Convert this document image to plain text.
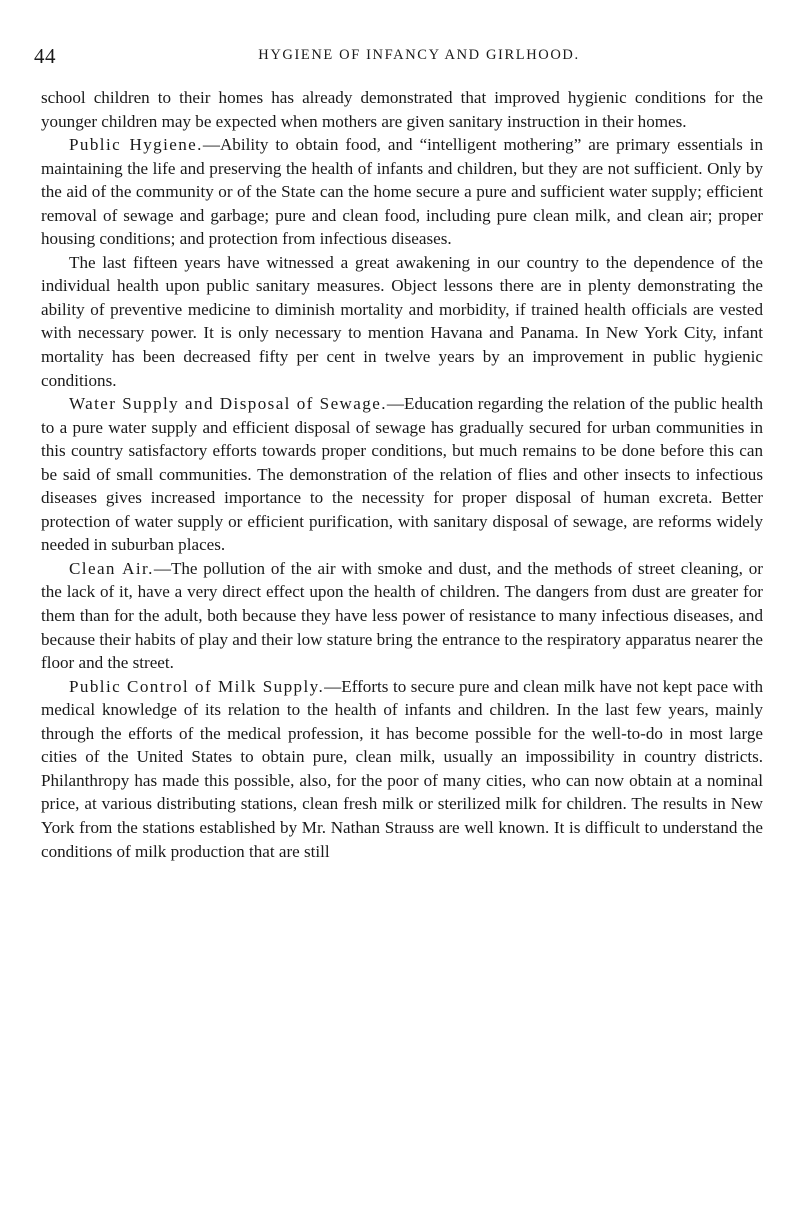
44	HYGIENE OF INFANCY AND GIRLHOOD.

school children to their homes has already demonstrated that improved hygienic conditions for the younger children may be expected when mothers are given sanitary instruction in their homes.

Public Hygiene.—Ability to obtain food, and “intelligent mothering” are primary essentials in maintaining the life and preserving the health of infants and children, but they are not sufficient. Only by the aid of the community or of the State can the home secure a pure and sufficient water supply; efficient removal of sewage and garbage; pure and clean food, including pure clean milk, and clean air; proper housing conditions; and protection from infectious diseases.

The last fifteen years have witnessed a great awakening in our country to the dependence of the individual health upon public sanitary measures. Object lessons there are in plenty demonstrating the ability of preventive medicine to diminish mortality and morbidity, if trained health officials are vested with necessary power. It is only necessary to mention Havana and Panama. In New York City, infant mortality has been decreased fifty per cent in twelve years by an improvement in public hygienic conditions.

Water Supply and Disposal of Sewage.—Education regarding the relation of the public health to a pure water supply and efficient disposal of sewage has gradually secured for urban communities in this country satisfactory efforts towards proper conditions, but much remains to be done before this can be said of small communities. The demonstration of the relation of flies and other insects to infectious diseases gives increased importance to the necessity for proper disposal of human excreta. Better protection of water supply or efficient purification, with sanitary disposal of sewage, are reforms widely needed in suburban places.

Clean Air.—The pollution of the air with smoke and dust, and the methods of street cleaning, or the lack of it, have a very direct effect upon the health of children. The dangers from dust are greater for them than for the adult, both because they have less power of resistance to many infectious diseases, and because their habits of play and their low stature bring the entrance to the respiratory apparatus nearer the floor and the street.

Public Control of Milk Supply.—Efforts to secure pure and clean milk have not kept pace with medical knowledge of its relation to the health of infants and children. In the last few years, mainly through the efforts of the medical profession, it has become possible for the well-to-do in most large cities of the United States to obtain pure, clean milk, usually an impossibility in country districts. Philanthropy has made this possible, also, for the poor of many cities, who can now obtain at a nominal price, at various distributing stations, clean fresh milk or sterilized milk for children. The results in New York from the stations established by Mr. Nathan Strauss are well known. It is difficult to understand the conditions of milk production that are still
